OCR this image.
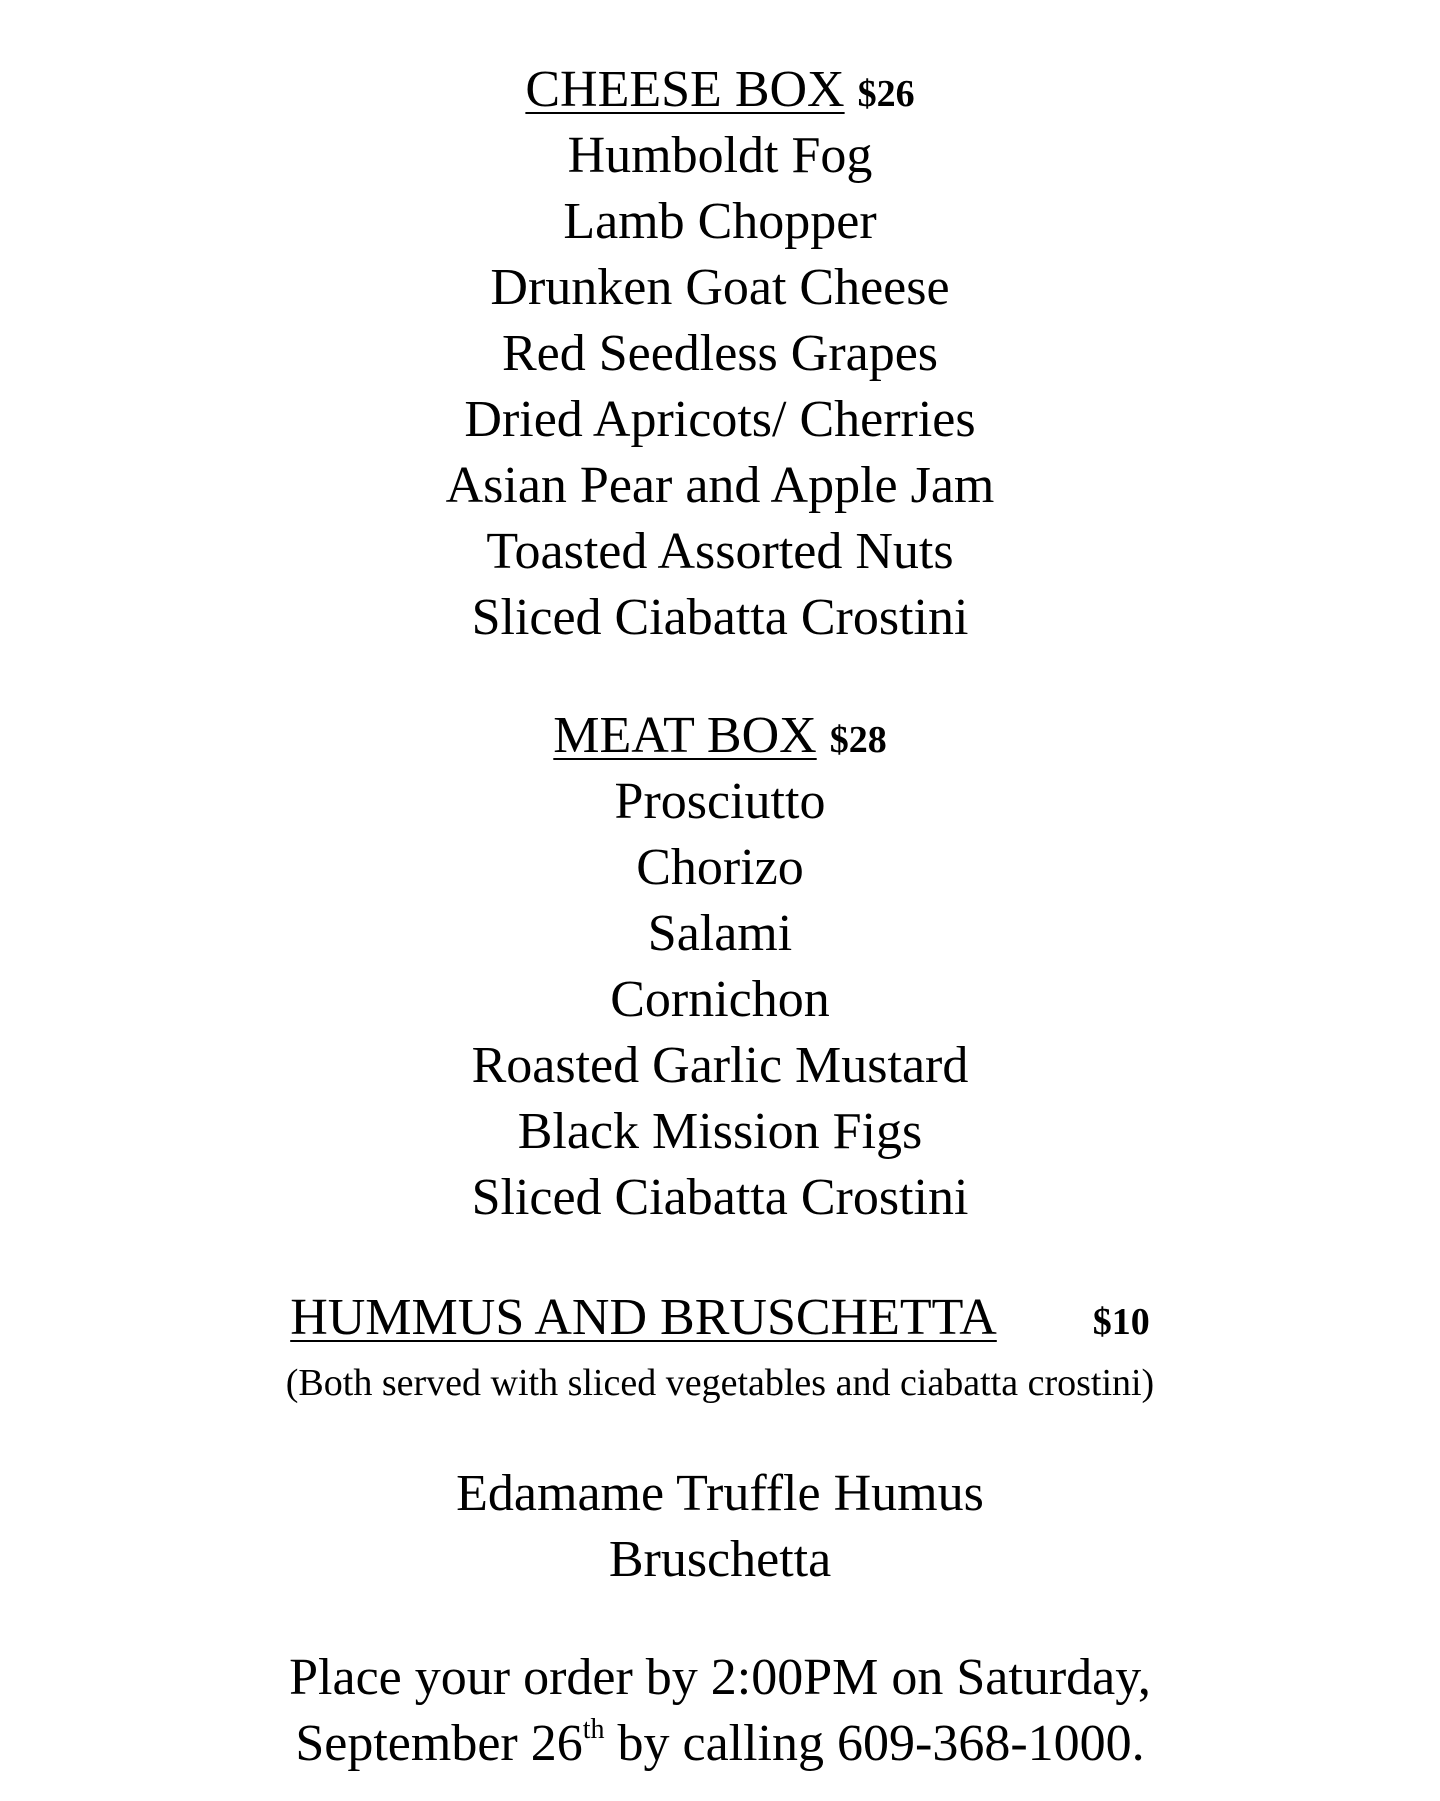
CHEESE BOX $26
Humboldt Fog
Lamb Chopper
Drunken Goat Cheese
Red Seedless Grapes
Dried Apricots/ Cherries
Asian Pear and Apple Jam
Toasted Assorted Nuts
Sliced Ciabatta Crostini
MEAT BOX $28
Prosciutto
Chorizo
Salami
Cornichon
Roasted Garlic Mustard
Black Mission Figs
Sliced Ciabatta Crostini
HUMMUS AND BRUSCHETTA	$10
(Both served with sliced vegetables and ciabatta crostini)
Edamame Truffle Humus
Bruschetta
Place your order by 2:00PM on Saturday,
September 26th by calling 609-368-1000.
